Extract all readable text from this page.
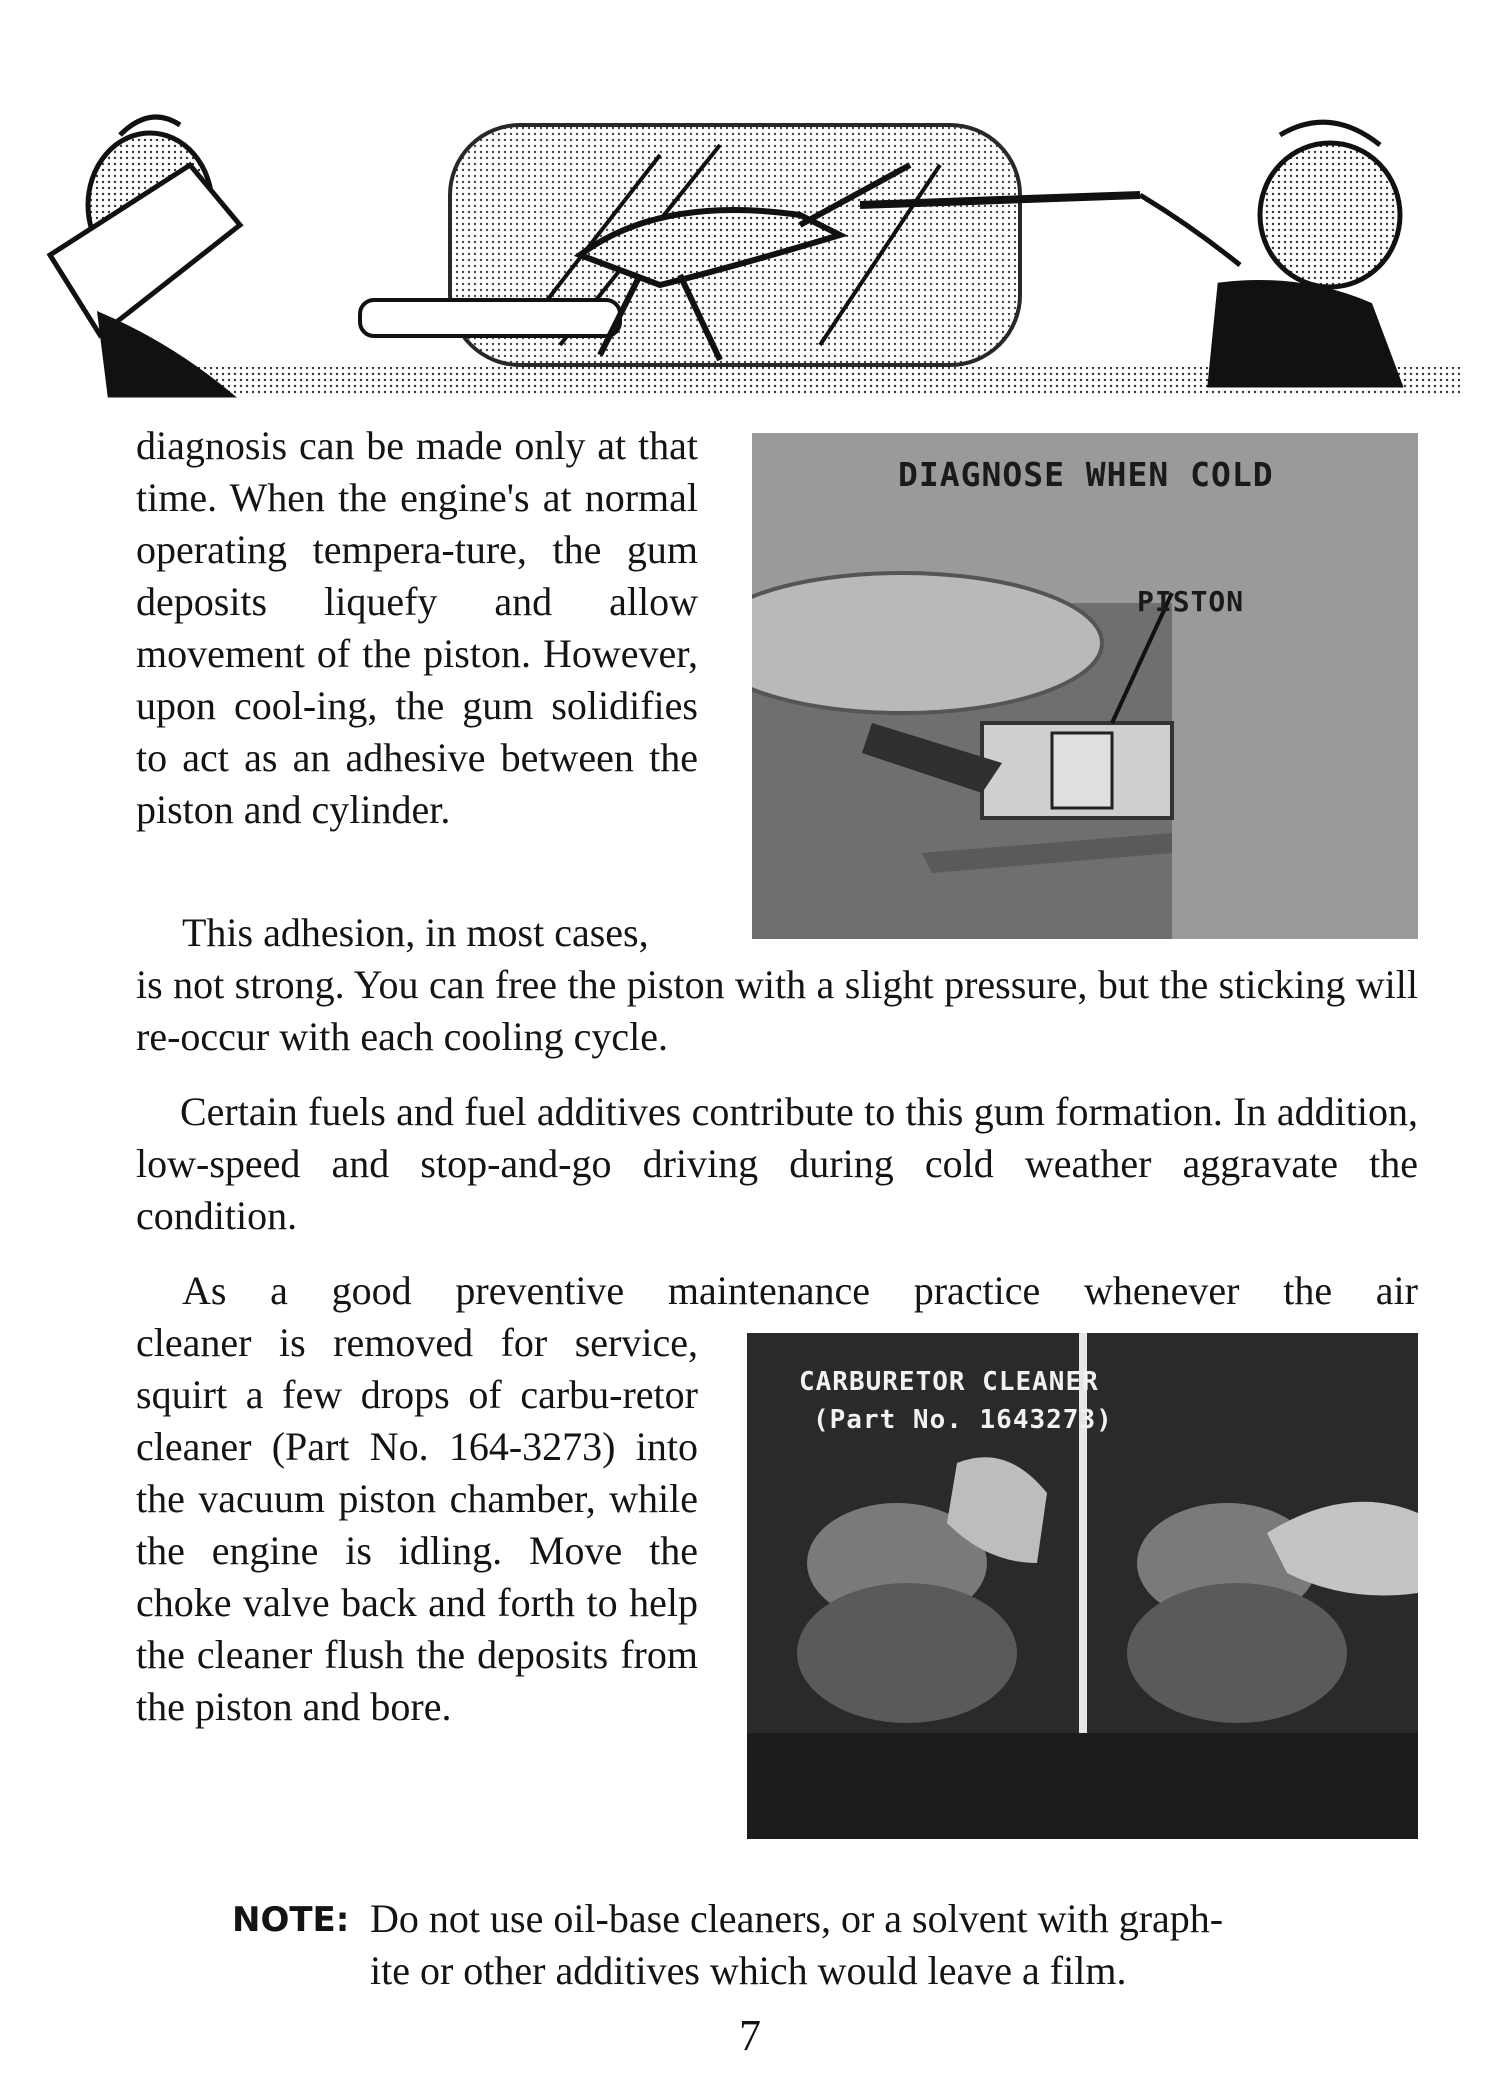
diagnosis can be made only at that time. When the engine's at normal operating tempera-ture, the gum deposits liquefy and allow movement of the piston. However, upon cool-ing, the gum solidifies to act as an adhesive between the piston and cylinder.

DIAGNOSE WHEN COLD
PISTON

This adhesion, in most cases,

is not strong. You can free the piston with a slight pressure, but the sticking will re-occur with each cooling cycle.

Certain fuels and fuel additives contribute to this gum formation. In addition, low-speed and stop-and-go driving during cold weather aggravate the condition.

As a good preventive maintenance practice whenever the air

cleaner is removed for service, squirt a few drops of carbu-retor cleaner (Part No. 164-3273) into the vacuum piston chamber, while the engine is idling. Move the choke valve back and forth to help the cleaner flush the deposits from the piston and bore.

CARBURETOR CLEANER
(Part No. 1643273)
NOTE: Do not use oil-base cleaners, or a solvent with graph-

ite or other additives which would leave a film.

7
